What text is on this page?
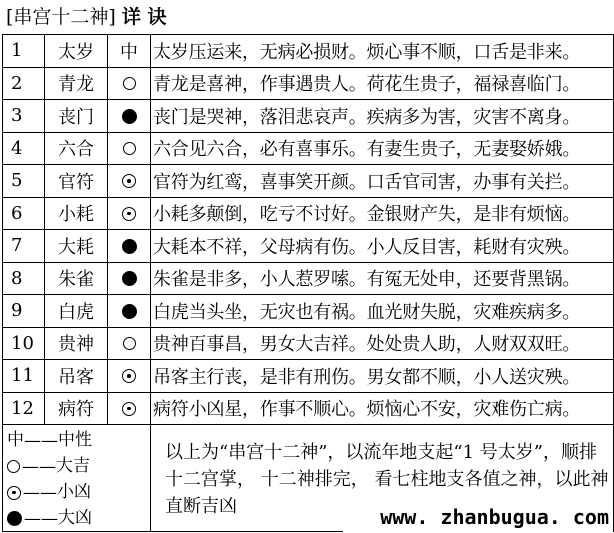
[串宫十二神] 详 诀
1	太岁	中	太岁压运来，无病必损财。烦心事不顺，口舌是非来。
2	青龙		青龙是喜神，作事遇贵人。荷花生贵子，福禄喜临门。
3	丧门		丧门是哭神，落泪悲哀声。疾病多为害，灾害不离身。
4	六合		六合见六合，必有喜事乐。有妻生贵子，无妻娶娇娥。
5	官符		官符为红鸾，喜事笑开颜。口舌官司害，办事有关拦。
6	小耗		小耗多颠倒，吃亏不讨好。金银财产失，是非有烦恼。
7	大耗		大耗本不祥，父母病有伤。小人反目害，耗财有灾殃。
8	朱雀		朱雀是非多，小人惹罗嗦。有冤无处申，还要背黑锅。
9	白虎		白虎当头坐，无灾也有祸。血光财失脱，灾难疾病多。
10	贵神		贵神百事昌，男女大吉祥。处处贵人助，人财双双旺。
11	吊客		吊客主行丧，是非有刑伤。男女都不顺，小人送灾殃。
12	病符		病符小凶星，作事不顺心。烦恼心不安，灾难伤亡病。

中——中性
——大吉
——小凶
——大凶			以上为“串宫十二神”，以流年地支起“1 号太岁”，顺排十二宫掌， 十二神排完， 看七柱地支各值之神，以此神直断吉凶	www. zhanbugua. com
